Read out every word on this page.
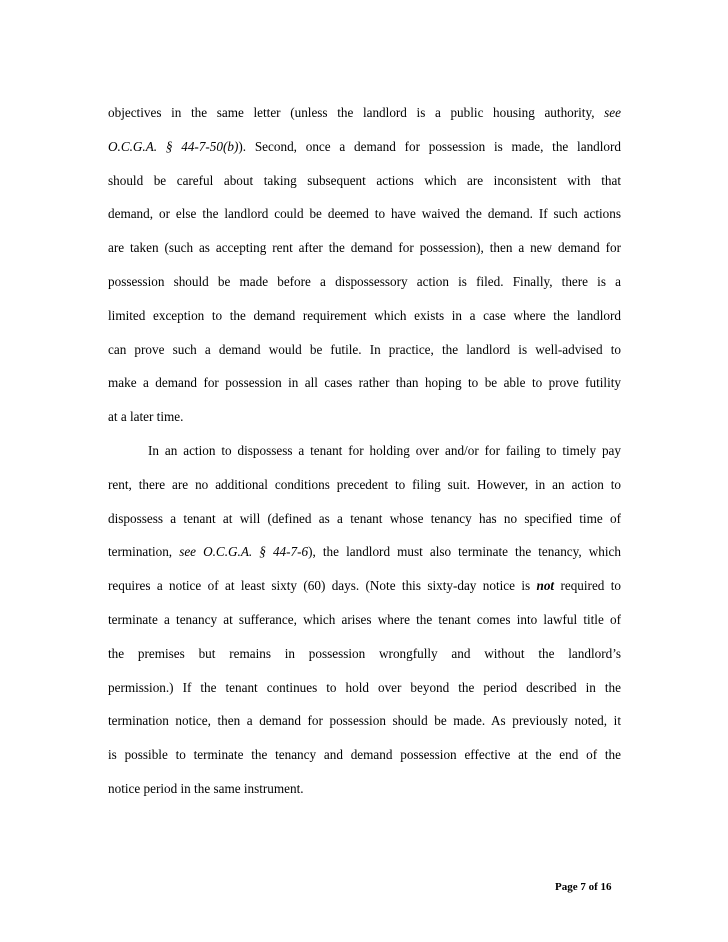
objectives in the same letter (unless the landlord is a public housing authority, see
O.C.G.A. § 44-7-50(b)). Second, once a demand for possession is made, the landlord
should be careful about taking subsequent actions which are inconsistent with that
demand, or else the landlord could be deemed to have waived the demand. If such actions
are taken (such as accepting rent after the demand for possession), then a new demand for
possession should be made before a dispossessory action is filed. Finally, there is a
limited exception to the demand requirement which exists in a case where the landlord
can prove such a demand would be futile. In practice, the landlord is well-advised to
make a demand for possession in all cases rather than hoping to be able to prove futility
at a later time.
In an action to dispossess a tenant for holding over and/or for failing to timely pay
rent, there are no additional conditions precedent to filing suit. However, in an action to
dispossess a tenant at will (defined as a tenant whose tenancy has no specified time of
termination, see O.C.G.A. § 44-7-6), the landlord must also terminate the tenancy, which
requires a notice of at least sixty (60) days. (Note this sixty-day notice is not required to
terminate a tenancy at sufferance, which arises where the tenant comes into lawful title of
the premises but remains in possession wrongfully and without the landlord’s
permission.) If the tenant continues to hold over beyond the period described in the
termination notice, then a demand for possession should be made. As previously noted, it
is possible to terminate the tenancy and demand possession effective at the end of the
notice period in the same instrument.
Page 7 of 16
